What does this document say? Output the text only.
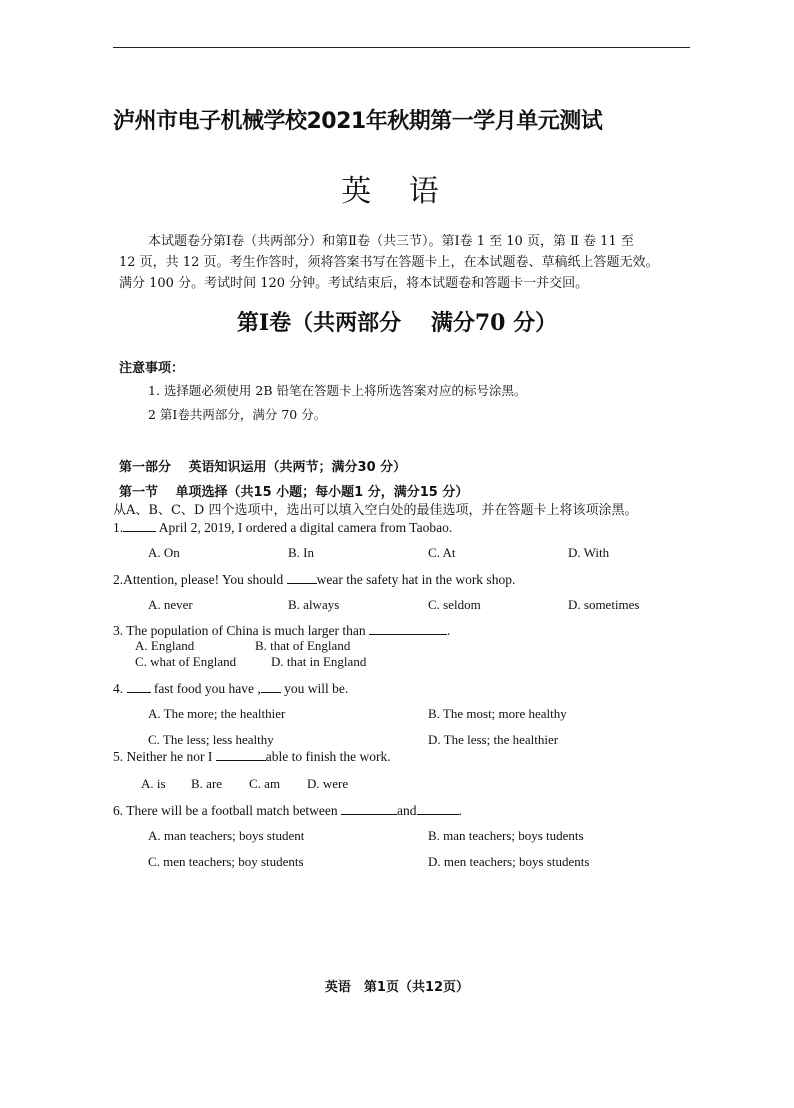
泸州市电子机械学校2021年秋期第一学月单元测试
英 语
本试题卷分第Ⅰ卷（共两部分）和第Ⅱ卷（共三节）。第Ⅰ卷 1 至 10 页，第 Ⅱ 卷 11 至
12 页，共 12 页。考生作答时，须将答案书写在答题卡上，在本试题卷、草稿纸上答题无效。
满分 100 分。考试时间 120 分钟。考试结束后，将本试题卷和答题卡一并交回。
第Ⅰ卷（共两部分　 满分70 分）
注意事项：
1. 选择题必须使用 2B 铅笔在答题卡上将所选答案对应的标号涂黑。
2 第Ⅰ卷共两部分，满分 70 分。
第一部分　 英语知识运用（共两节；满分30 分）
第一节　 单项选择（共15 小题；每小题1 分，满分15 分）
从A、B、C、D 四个选项中，选出可以填入空白处的最佳选项，并在答题卡上将该项涂黑。
1. April 2, 2019, I ordered a digital camera from Taobao.
A. On	B. In	C. At	D. With
2.Attention, please! You should wear the safety hat in the work shop.
A. never	B. always	C. seldom	D. sometimes
3. The population of China is much larger than	.
A. England	B. that of England
C. what of England	D. that in England
4.  fast food you have , you will be.
A. The more; the healthier	B. The most; more healthy
C. The less; less healthy	D. The less; the healthier
5. Neither he nor I	able to finish the work.
A. is B. are C. am D. were
6. There will be a football match between	and	.
A. man teachers; boys student	B. man teachers; boys tudents
C. men teachers; boy students	D. men teachers; boys students
英语　第1页（共12页）
